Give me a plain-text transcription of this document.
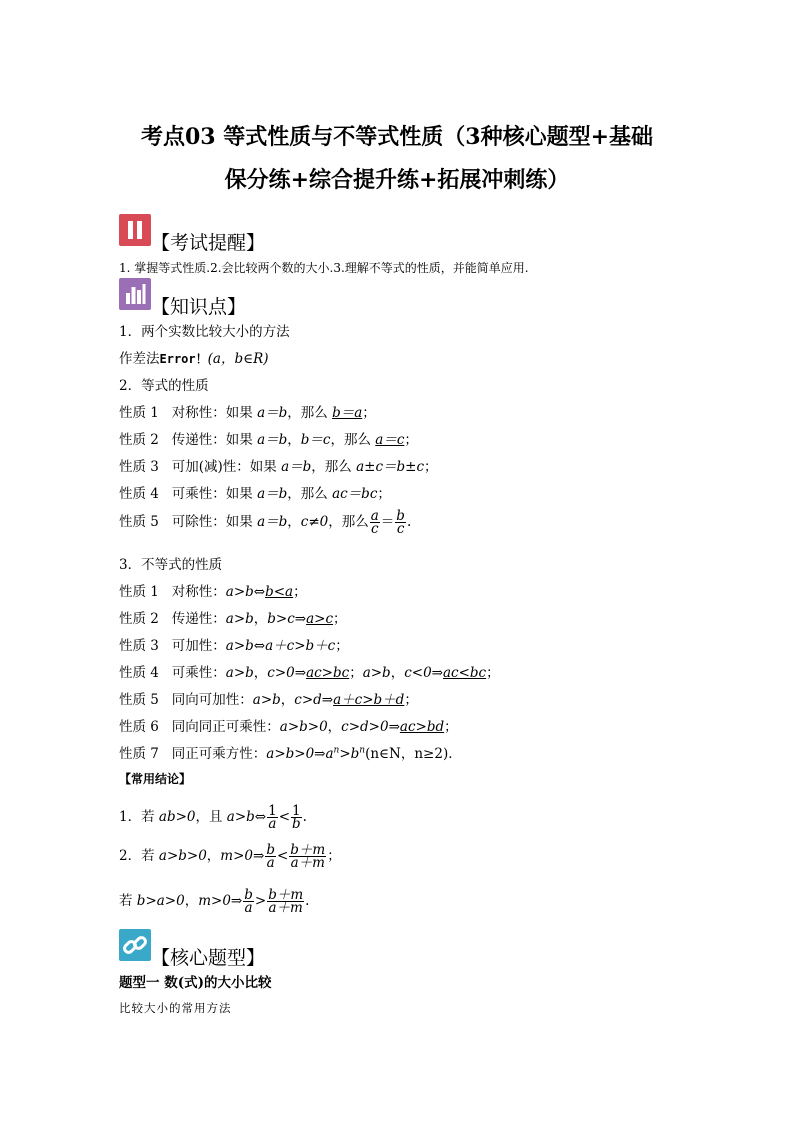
考点03 等式性质与不等式性质（3种核心题型+基础
保分练+综合提升练+拓展冲刺练）
【考试提醒】
1. 掌握等式性质.2.会比较两个数的大小.3.理解不等式的性质，并能简单应用.
【知识点】
1．两个实数比较大小的方法
作差法Error！(a，b∈R)
2．等式的性质
性质 1 对称性：如果 a＝b，那么 b＝a；
性质 2 传递性：如果 a＝b，b＝c，那么 a＝c；
性质 3 可加(减)性：如果 a＝b，那么 a±c＝b±c；
性质 4 可乘性：如果 a＝b，那么 ac＝bc；
性质 5 可除性：如果 a＝b，c≠0，那么 $\frac{a}{c} = \frac{b}{c}$ .
3．不等式的性质
性质 1 对称性：a>b⇔b<a；
性质 2 传递性：a>b，b>c⇒a>c；
性质 3 可加性：a>b⇔a＋c>b＋c；
性质 4 可乘性：a>b，c>0⇒ac>bc；a>b，c<0⇒ac<bc；
性质 5 同向可加性：a>b，c>d⇒a＋c>b＋d；
性质 6 同向同正可乘性：a>b>0，c>d>0⇒ac>bd；
性质 7 同正可乘方性：$a>b>0\Rightarrow a^n>b^n(n\in N$，n≥2)．
【常用结论】
1．若 ab>0，且 a>b⇔ $\frac{1}{a} < \frac{1}{b}$ .
2．若 a>b>0，m>0⇒ $\frac{b}{a} < \frac{b+m}{a+m}$ ；
若 b>a>0，m>0⇒ $\frac{b}{a} > \frac{b+m}{a+m}$ .
【核心题型】
题型一 数(式)的大小比较
比较大小的常用方法
